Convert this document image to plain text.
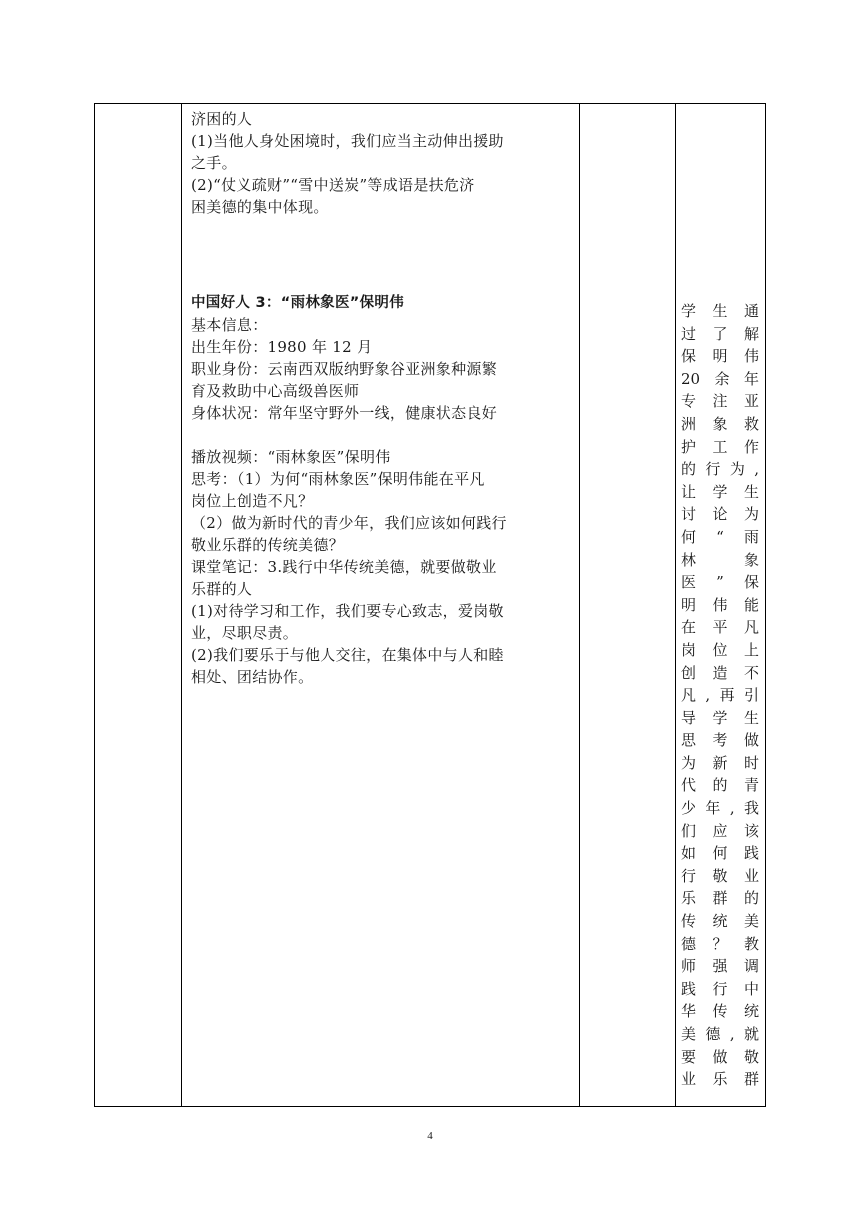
济困的人

(1)当他人身处困境时，我们应当主动伸出援助

之手。

(2)“仗义疏财”“雪中送炭”等成语是扶危济

困美德的集中体现。

中国好人 3：“雨林象医”保明伟

基本信息：

出生年份：1980 年 12 月

职业身份：云南西双版纳野象谷亚洲象种源繁

育及救助中心高级兽医师

身体状况：常年坚守野外一线，健康状态良好

播放视频：“雨林象医”保明伟

思考：（1）为何“雨林象医”保明伟能在平凡

岗位上创造不凡？

（2）做为新时代的青少年，我们应该如何践行

敬业乐群的传统美德？

课堂笔记：3.践行中华传统美德，就要做敬业

乐群的人

(1)对待学习和工作，我们要专心致志，爱岗敬

业，尽职尽责。

(2)我们要乐于与他人交往，在集体中与人和睦

相处、团结协作。

学 生 通
过 了 解
保 明 伟
20 余 年
专 注 亚
洲 象 救
护 工 作
的 行 为 ,
让 学 生
讨 论 为
何 “ 雨
林	象
医 ” 保
明 伟 能
在 平 凡
岗 位 上
创 造 不
凡 , 再 引
导 学 生
思 考 做
为 新 时
代 的 青
少 年 , 我
们 应 该
如 何 践
行 敬 业
乐 群 的
传 统 美
德 ？ 教
师 强 调
践 行 中
华 传 统
美 德 , 就
要 做 敬
业 乐 群
4
